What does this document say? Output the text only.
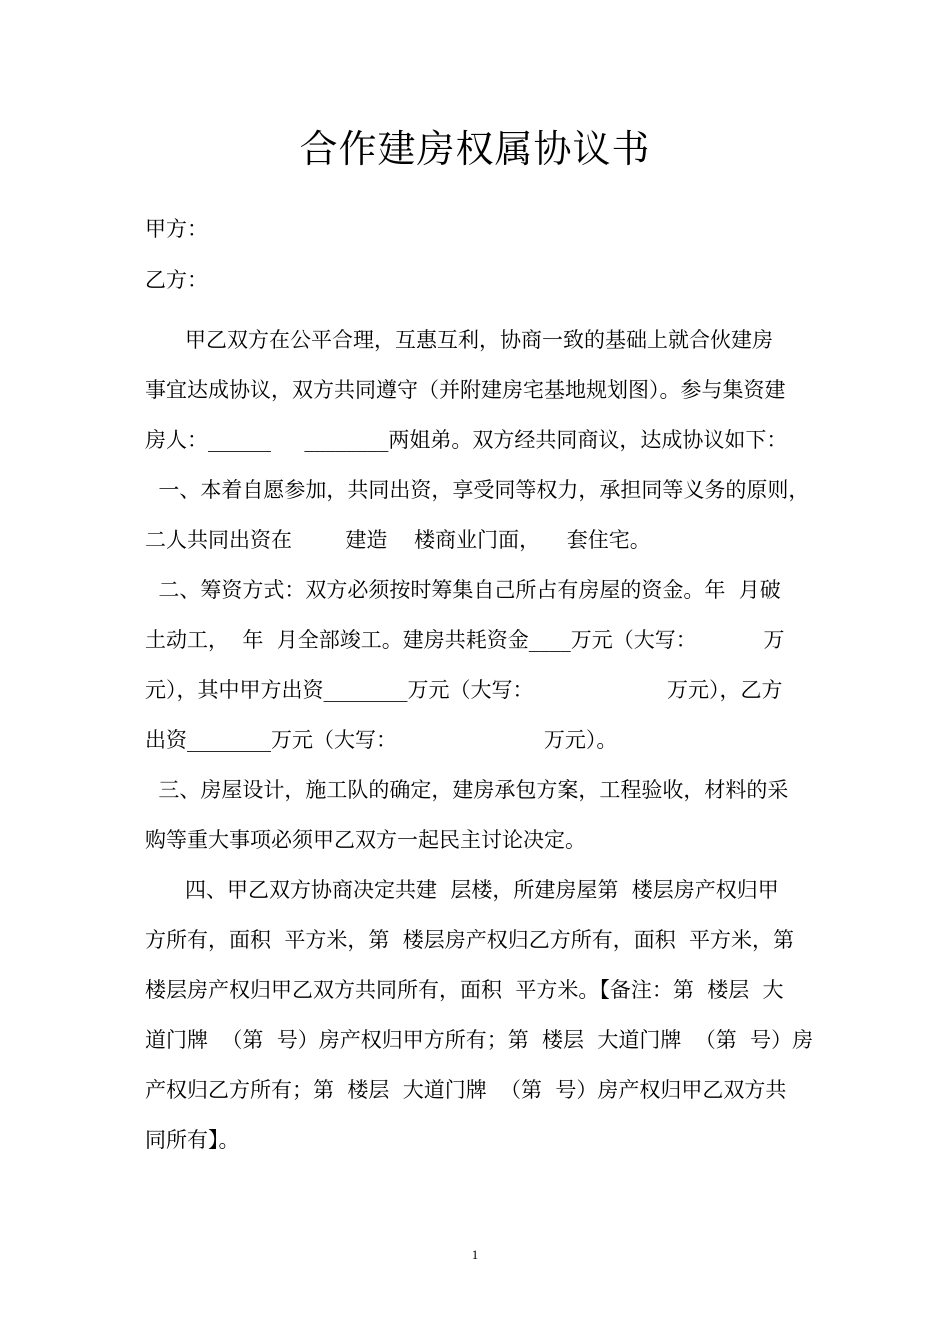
合作建房权属协议书
甲方：
乙方：
甲乙双方在公平合理，互惠互利，协商一致的基础上就合伙建房
事宜达成协议，双方共同遵守（并附建房宅基地规划图）。参与集资建
房人：______     ________两姐弟。双方经共同商议，达成协议如下：
一、本着自愿参加，共同出资，享受同等权力，承担同等义务的原则，
二人共同出资在        建造    楼商业门面，    套住宅。
二、筹资方式：双方必须按时筹集自己所占有房屋的资金。年  月破
土动工，  年  月全部竣工。建房共耗资金____万元（大写：          万
元），其中甲方出资________万元（大写：                    万元），乙方
出资________万元（大写：                      万元）。
三、房屋设计，施工队的确定，建房承包方案，工程验收，材料的采
购等重大事项必须甲乙双方一起民主讨论决定。
四、甲乙双方协商决定共建  层楼，所建房屋第  楼层房产权归甲
方所有，面积  平方米，第  楼层房产权归乙方所有，面积  平方米，第
楼层房产权归甲乙双方共同所有，面积  平方米。【备注：第  楼层  大
道门牌  （第  号）房产权归甲方所有；第  楼层  大道门牌  （第  号）房
产权归乙方所有；第  楼层  大道门牌  （第  号）房产权归甲乙双方共
同所有】。
1
